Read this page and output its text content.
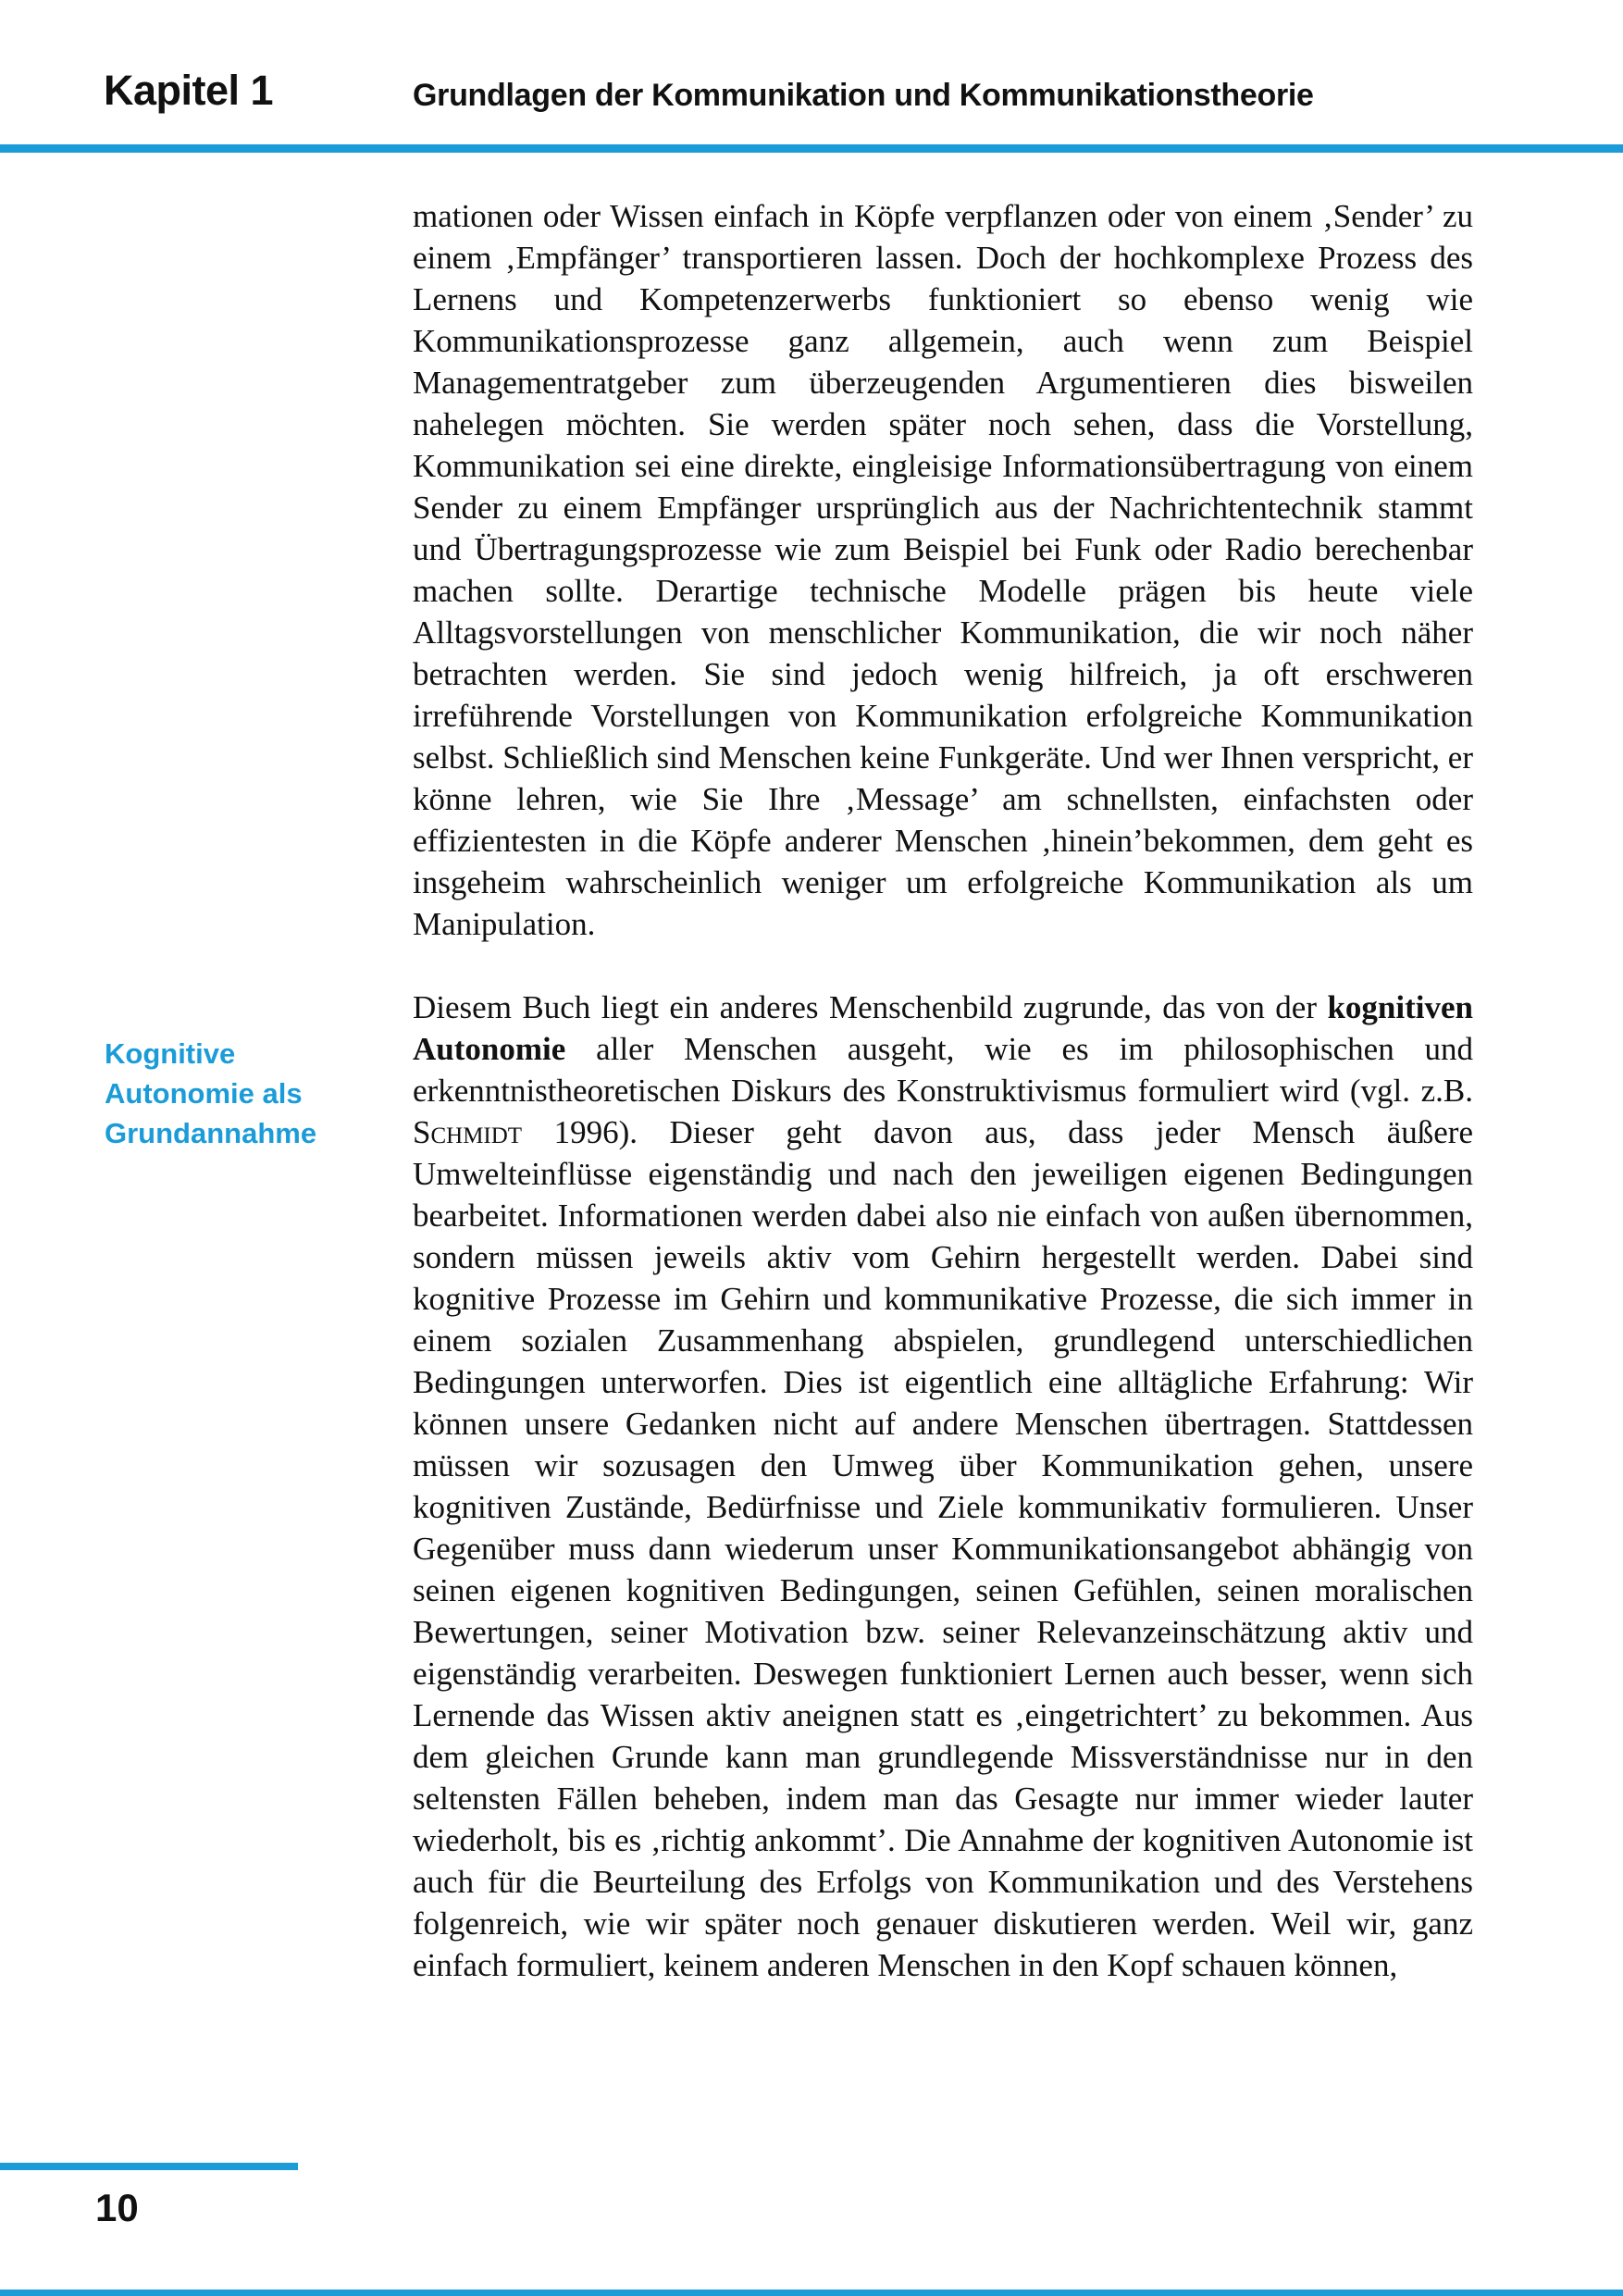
Kapitel 1	Grundlagen der Kommunikation und Kommunikationstheorie
Kognitive Autonomie als Grundannahme

mationen oder Wissen einfach in Köpfe verpflanzen oder von einem ‚Sender’ zu einem ‚Empfänger’ transportieren lassen. Doch der hochkomplexe Prozess des Lernens und Kompetenzerwerbs funktioniert so ebenso wenig wie Kommunikationsprozesse ganz allgemein, auch wenn zum Beispiel Managementratgeber zum überzeugenden Argumentieren dies bisweilen nahelegen möchten. Sie werden später noch sehen, dass die Vorstellung, Kommunikation sei eine direkte, eingleisige Informationsübertragung von einem Sender zu einem Empfänger ursprünglich aus der Nachrichtentechnik stammt und Übertragungsprozesse wie zum Beispiel bei Funk oder Radio berechenbar machen sollte. Derartige technische Modelle prägen bis heute viele Alltagsvorstellungen von menschlicher Kommunikation, die wir noch näher betrachten werden. Sie sind jedoch wenig hilfreich, ja oft erschweren irreführende Vorstellungen von Kommunikation erfolgreiche Kommunikation selbst. Schließlich sind Menschen keine Funkgeräte. Und wer Ihnen verspricht, er könne lehren, wie Sie Ihre ‚Message’ am schnellsten, einfachsten oder effizientesten in die Köpfe anderer Menschen ‚hinein’bekommen, dem geht es insgeheim wahrscheinlich weniger um erfolgreiche Kommunikation als um Manipulation.

Diesem Buch liegt ein anderes Menschenbild zugrunde, das von der kognitiven Autonomie aller Menschen ausgeht, wie es im philosophischen und erkenntnistheoretischen Diskurs des Konstruktivismus formuliert wird (vgl. z.B. Schmidt 1996). Dieser geht davon aus, dass jeder Mensch äußere Umwelteinflüsse eigenständig und nach den jeweiligen eigenen Bedingungen bearbeitet. Informationen werden dabei also nie einfach von außen übernommen, sondern müssen jeweils aktiv vom Gehirn hergestellt werden. Dabei sind kognitive Prozesse im Gehirn und kommunikative Prozesse, die sich immer in einem sozialen Zusammenhang abspielen, grundlegend unterschiedlichen Bedingungen unterworfen. Dies ist eigentlich eine alltägliche Erfahrung: Wir können unsere Gedanken nicht auf andere Menschen übertragen. Stattdessen müssen wir sozusagen den Umweg über Kommunikation gehen, unsere kognitiven Zustände, Bedürfnisse und Ziele kommunikativ formulieren. Unser Gegenüber muss dann wiederum unser Kommunikationsangebot abhängig von seinen eigenen kognitiven Bedingungen, seinen Gefühlen, seinen moralischen Bewertungen, seiner Motivation bzw. seiner Relevanzeinschätzung aktiv und eigenständig verarbeiten. Deswegen funktioniert Lernen auch besser, wenn sich Lernende das Wissen aktiv aneignen statt es ‚eingetrichtert’ zu bekommen. Aus dem gleichen Grunde kann man grundlegende Missverständnisse nur in den seltensten Fällen beheben, indem man das Gesagte nur immer wieder lauter wiederholt, bis es ‚richtig ankommt’. Die Annahme der kognitiven Autonomie ist auch für die Beurteilung des Erfolgs von Kommunikation und des Verstehens folgenreich, wie wir später noch genauer diskutieren werden. Weil wir, ganz einfach formuliert, keinem anderen Menschen in den Kopf schauen können,

10
